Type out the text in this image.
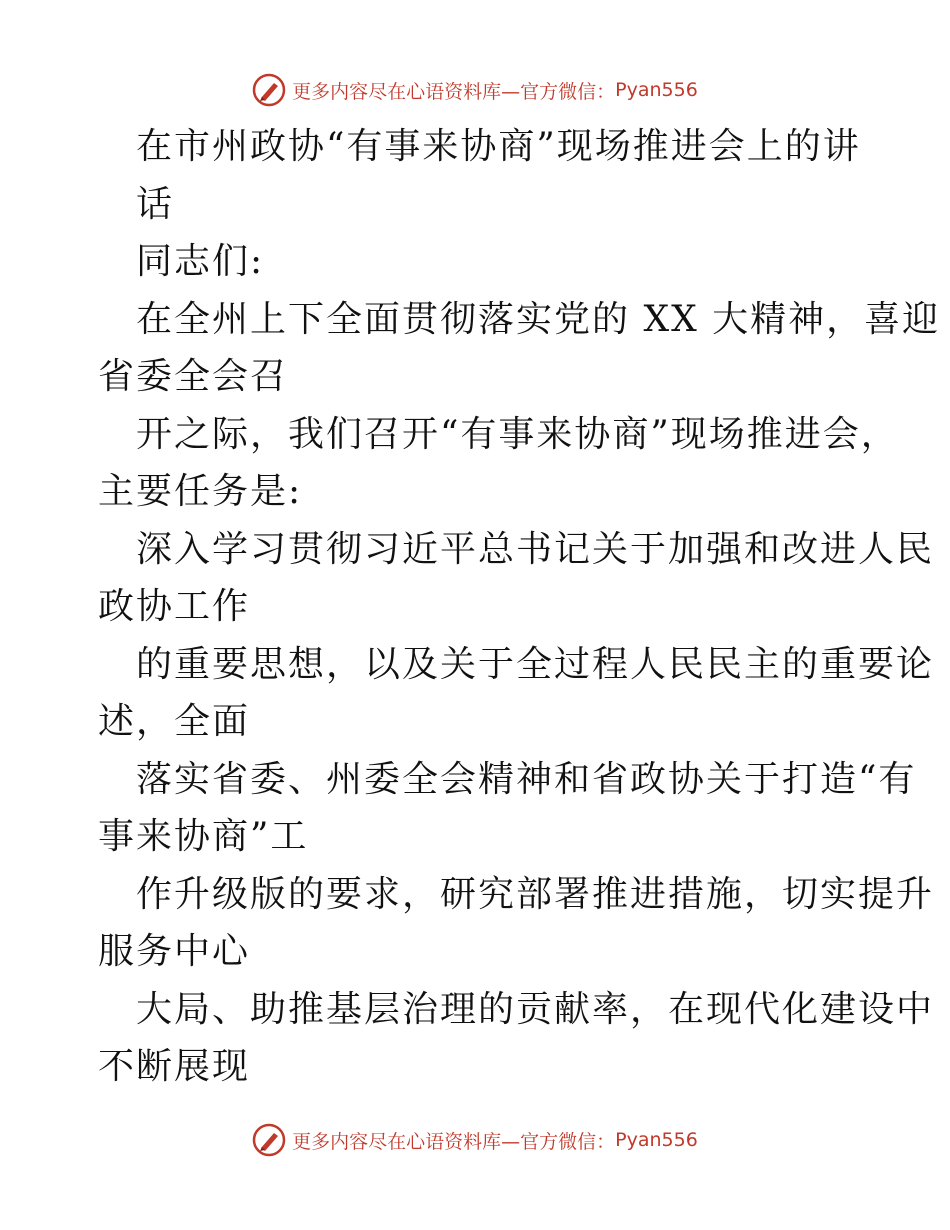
更多内容尽在心语资料库—官方微信： Pyan556
在市州政协“有事来协商”现场推进会上的讲
话
同志们:
在全州上下全面贯彻落实党的 XX 大精神，喜迎
省委全会召
开之际，我们召开“有事来协商”现场推进会，
主要任务是:
深入学习贯彻习近平总书记关于加强和改进人民
政协工作
的重要思想，以及关于全过程人民民主的重要论
述，全面
落实省委、州委全会精神和省政协关于打造“有
事来协商”工
作升级版的要求，研究部署推进措施，切实提升
服务中心
大局、助推基层治理的贡献率，在现代化建设中
不断展现
更多内容尽在心语资料库—官方微信： Pyan556
